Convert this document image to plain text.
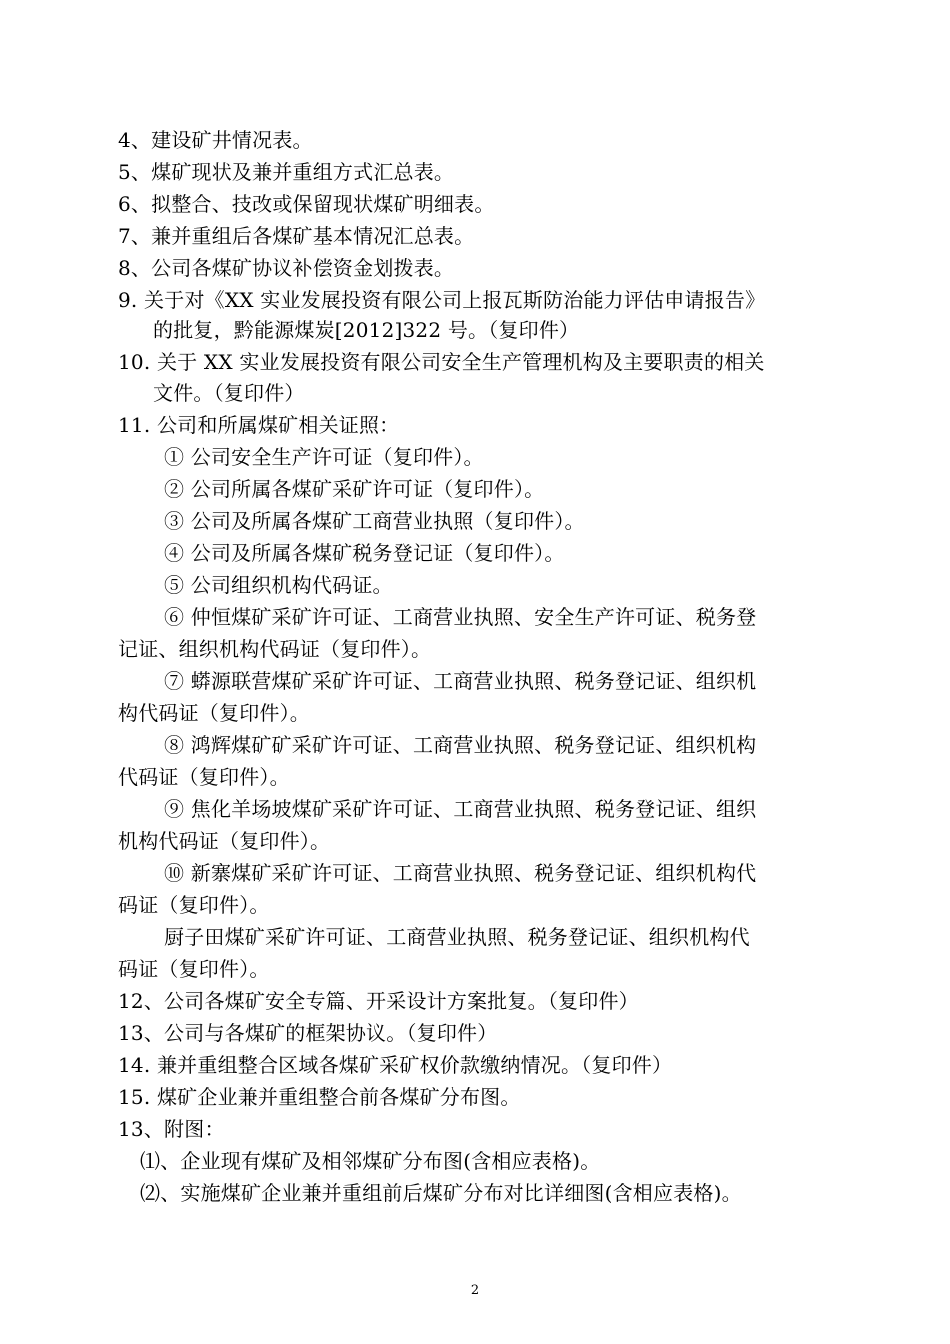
4、建设矿井情况表。
5、煤矿现状及兼并重组方式汇总表。
6、拟整合、技改或保留现状煤矿明细表。
7、兼并重组后各煤矿基本情况汇总表。
8、公司各煤矿协议补偿资金划拨表。
9. 关于对《XX 实业发展投资有限公司上报瓦斯防治能力评估申请报告》
的批复，黔能源煤炭[2012]322 号。（复印件）
10. 关于 XX 实业发展投资有限公司安全生产管理机构及主要职责的相关
文件。（复印件）
11. 公司和所属煤矿相关证照：
① 公司安全生产许可证（复印件）。
② 公司所属各煤矿采矿许可证（复印件）。
③ 公司及所属各煤矿工商营业执照（复印件）。
④ 公司及所属各煤矿税务登记证（复印件）。
⑤ 公司组织机构代码证。
⑥ 仲恒煤矿采矿许可证、工商营业执照、安全生产许可证、税务登
记证、组织机构代码证（复印件）。
⑦ 蟒源联营煤矿采矿许可证、工商营业执照、税务登记证、组织机
构代码证（复印件）。
⑧ 鸿辉煤矿矿采矿许可证、工商营业执照、税务登记证、组织机构
代码证（复印件）。
⑨ 焦化羊场坡煤矿采矿许可证、工商营业执照、税务登记证、组织
机构代码证（复印件）。
⑩ 新寨煤矿采矿许可证、工商营业执照、税务登记证、组织机构代
码证（复印件）。
厨子田煤矿采矿许可证、工商营业执照、税务登记证、组织机构代
码证（复印件）。
12、公司各煤矿安全专篇、开采设计方案批复。（复印件）
13、公司与各煤矿的框架协议。（复印件）
14. 兼并重组整合区域各煤矿采矿权价款缴纳情况。（复印件）
15. 煤矿企业兼并重组整合前各煤矿分布图。
13、附图：
⑴、企业现有煤矿及相邻煤矿分布图(含相应表格)。
⑵、实施煤矿企业兼并重组前后煤矿分布对比详细图(含相应表格)。
2
